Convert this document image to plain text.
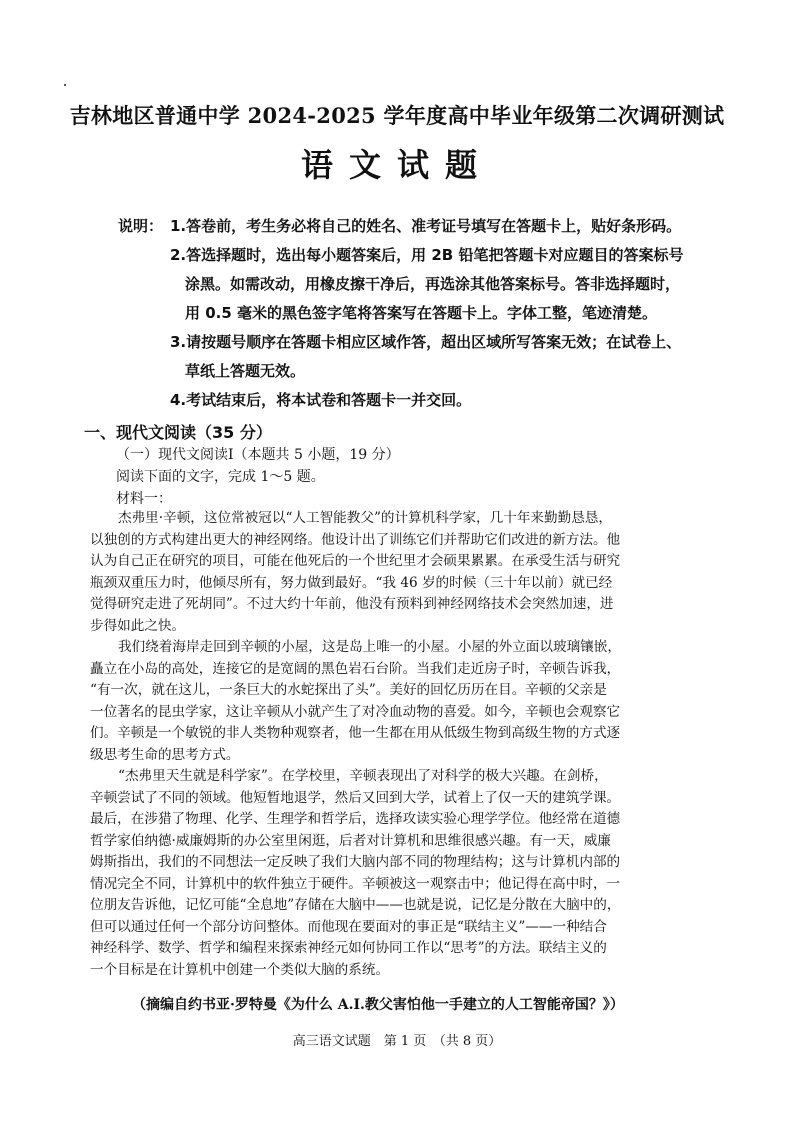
吉林地区普通中学 2024-2025 学年度高中毕业年级第二次调研测试
语文试题
说明： 1.答卷前，考生务必将自己的姓名、准考证号填写在答题卡上，贴好条形码。
2.答选择题时，选出每小题答案后，用 2B 铅笔把答题卡对应题目的答案标号
涂黑。如需改动，用橡皮擦干净后，再选涂其他答案标号。答非选择题时，
用 0.5 毫米的黑色签字笔将答案写在答题卡上。字体工整，笔迹清楚。
3.请按题号顺序在答题卡相应区域作答，超出区域所写答案无效；在试卷上、
草纸上答题无效。
4.考试结束后，将本试卷和答题卡一并交回。
一、现代文阅读（35 分）
（一）现代文阅读Ⅰ（本题共 5 小题，19 分）
阅读下面的文字，完成 1～5 题。
材料一：
杰弗里·辛顿，这位常被冠以“人工智能教父”的计算机科学家，几十年来勤勤恳恳，
以独创的方式构建出更大的神经网络。他设计出了训练它们并帮助它们改进的新方法。他
认为自己正在研究的项目，可能在他死后的一个世纪里才会硕果累累。在承受生活与研究
瓶颈双重压力时，他倾尽所有，努力做到最好。“我 46 岁的时候（三十年以前）就已经
觉得研究走进了死胡同”。不过大约十年前，他没有预料到神经网络技术会突然加速，进
步得如此之快。
我们绕着海岸走回到辛顿的小屋，这是岛上唯一的小屋。小屋的外立面以玻璃镶嵌，
矗立在小岛的高处，连接它的是宽阔的黑色岩石台阶。当我们走近房子时，辛顿告诉我，
“有一次，就在这儿，一条巨大的水蛇探出了头”。美好的回忆历历在目。辛顿的父亲是
一位著名的昆虫学家，这让辛顿从小就产生了对冷血动物的喜爱。如今，辛顿也会观察它
们。辛顿是一个敏锐的非人类物种观察者，他一生都在用从低级生物到高级生物的方式逐
级思考生命的思考方式。
“杰弗里天生就是科学家”。在学校里，辛顿表现出了对科学的极大兴趣。在剑桥，
辛顿尝试了不同的领域。他短暂地退学，然后又回到大学，试着上了仅一天的建筑学课。
最后，在涉猎了物理、化学、生理学和哲学后，选择攻读实验心理学学位。他经常在道德
哲学家伯纳德·威廉姆斯的办公室里闲逛，后者对计算机和思维很感兴趣。有一天，威廉
姆斯指出，我们的不同想法一定反映了我们大脑内部不同的物理结构；这与计算机内部的
情况完全不同，计算机中的软件独立于硬件。辛顿被这一观察击中；他记得在高中时，一
位朋友告诉他，记忆可能“全息地”存储在大脑中——也就是说，记忆是分散在大脑中的，
但可以通过任何一个部分访问整体。而他现在要面对的事正是“联结主义”——一种结合
神经科学、数学、哲学和编程来探索神经元如何协同工作以“思考”的方法。联结主义的
一个目标是在计算机中创建一个类似大脑的系统。
（摘编自约书亚·罗特曼《为什么 A.I.教父害怕他一手建立的人工智能帝国？》）
高三语文试题　第 1 页　（共 8 页）
